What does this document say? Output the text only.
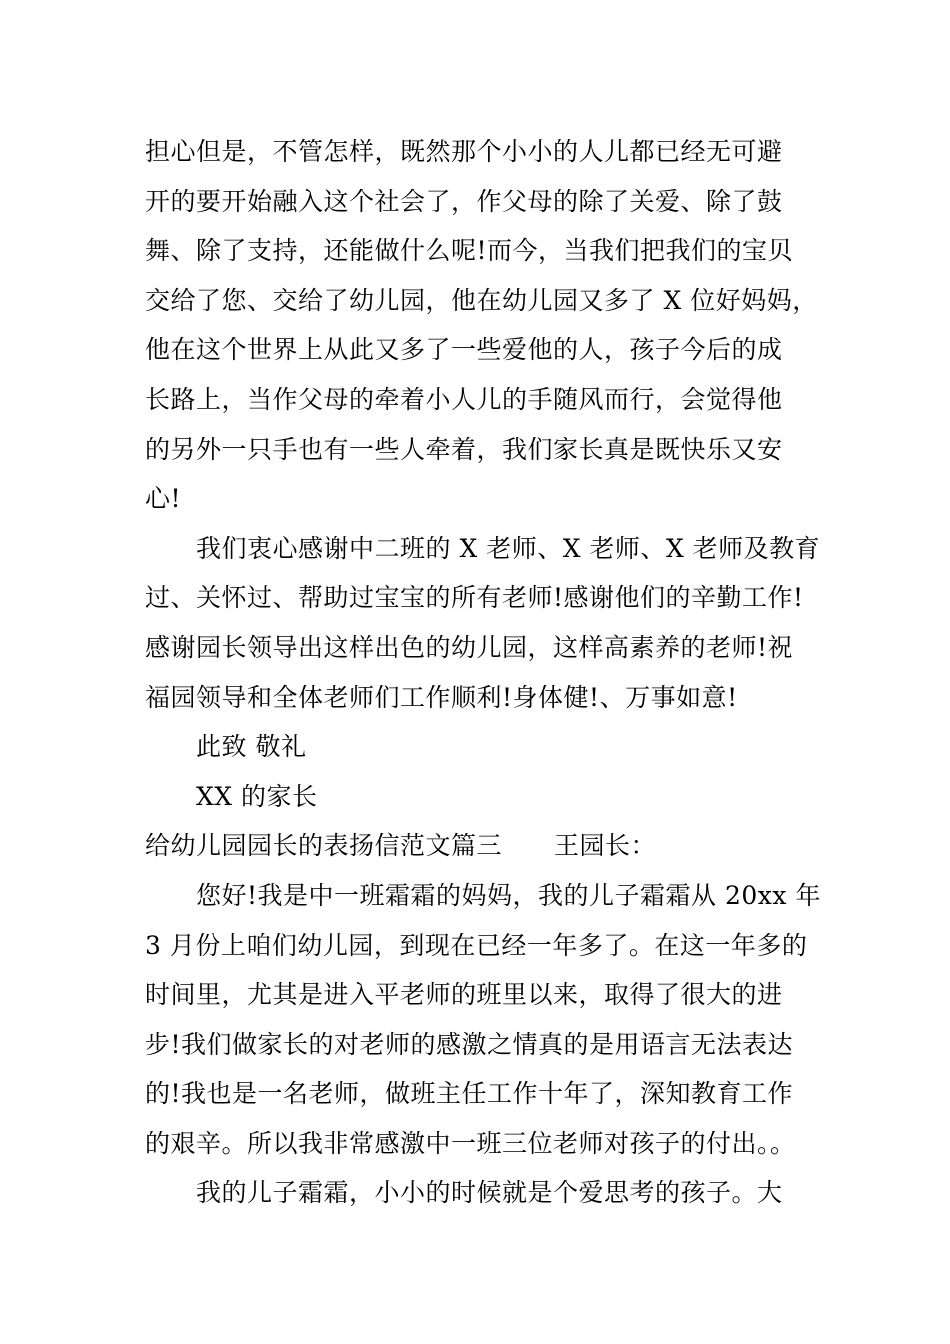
担心但是，不管怎样，既然那个小小的人儿都已经无可避
开的要开始融入这个社会了，作父母的除了关爱、除了鼓
舞、除了支持，还能做什么呢!而今，当我们把我们的宝贝
交给了您、交给了幼儿园，他在幼儿园又多了 X 位好妈妈，
他在这个世界上从此又多了一些爱他的人，孩子今后的成
长路上，当作父母的牵着小人儿的手随风而行，会觉得他
的另外一只手也有一些人牵着，我们家长真是既快乐又安
心!
我们衷心感谢中二班的 X 老师、X 老师、X 老师及教育
过、关怀过、帮助过宝宝的所有老师!感谢他们的辛勤工作!
感谢园长领导出这样出色的幼儿园，这样高素养的老师!祝
福园领导和全体老师们工作顺利!身体健!、万事如意!
此致 敬礼
XX 的家长
给幼儿园园长的表扬信范文篇三 王园长：
您好!我是中一班霜霜的妈妈，我的儿子霜霜从 20xx 年
3 月份上咱们幼儿园，到现在已经一年多了。在这一年多的
时间里，尤其是进入平老师的班里以来，取得了很大的进
步!我们做家长的对老师的感激之情真的是用语言无法表达
的!我也是一名老师，做班主任工作十年了，深知教育工作
的艰辛。所以我非常感激中一班三位老师对孩子的付出。。
我的儿子霜霜，小小的时候就是个爱思考的孩子。大
